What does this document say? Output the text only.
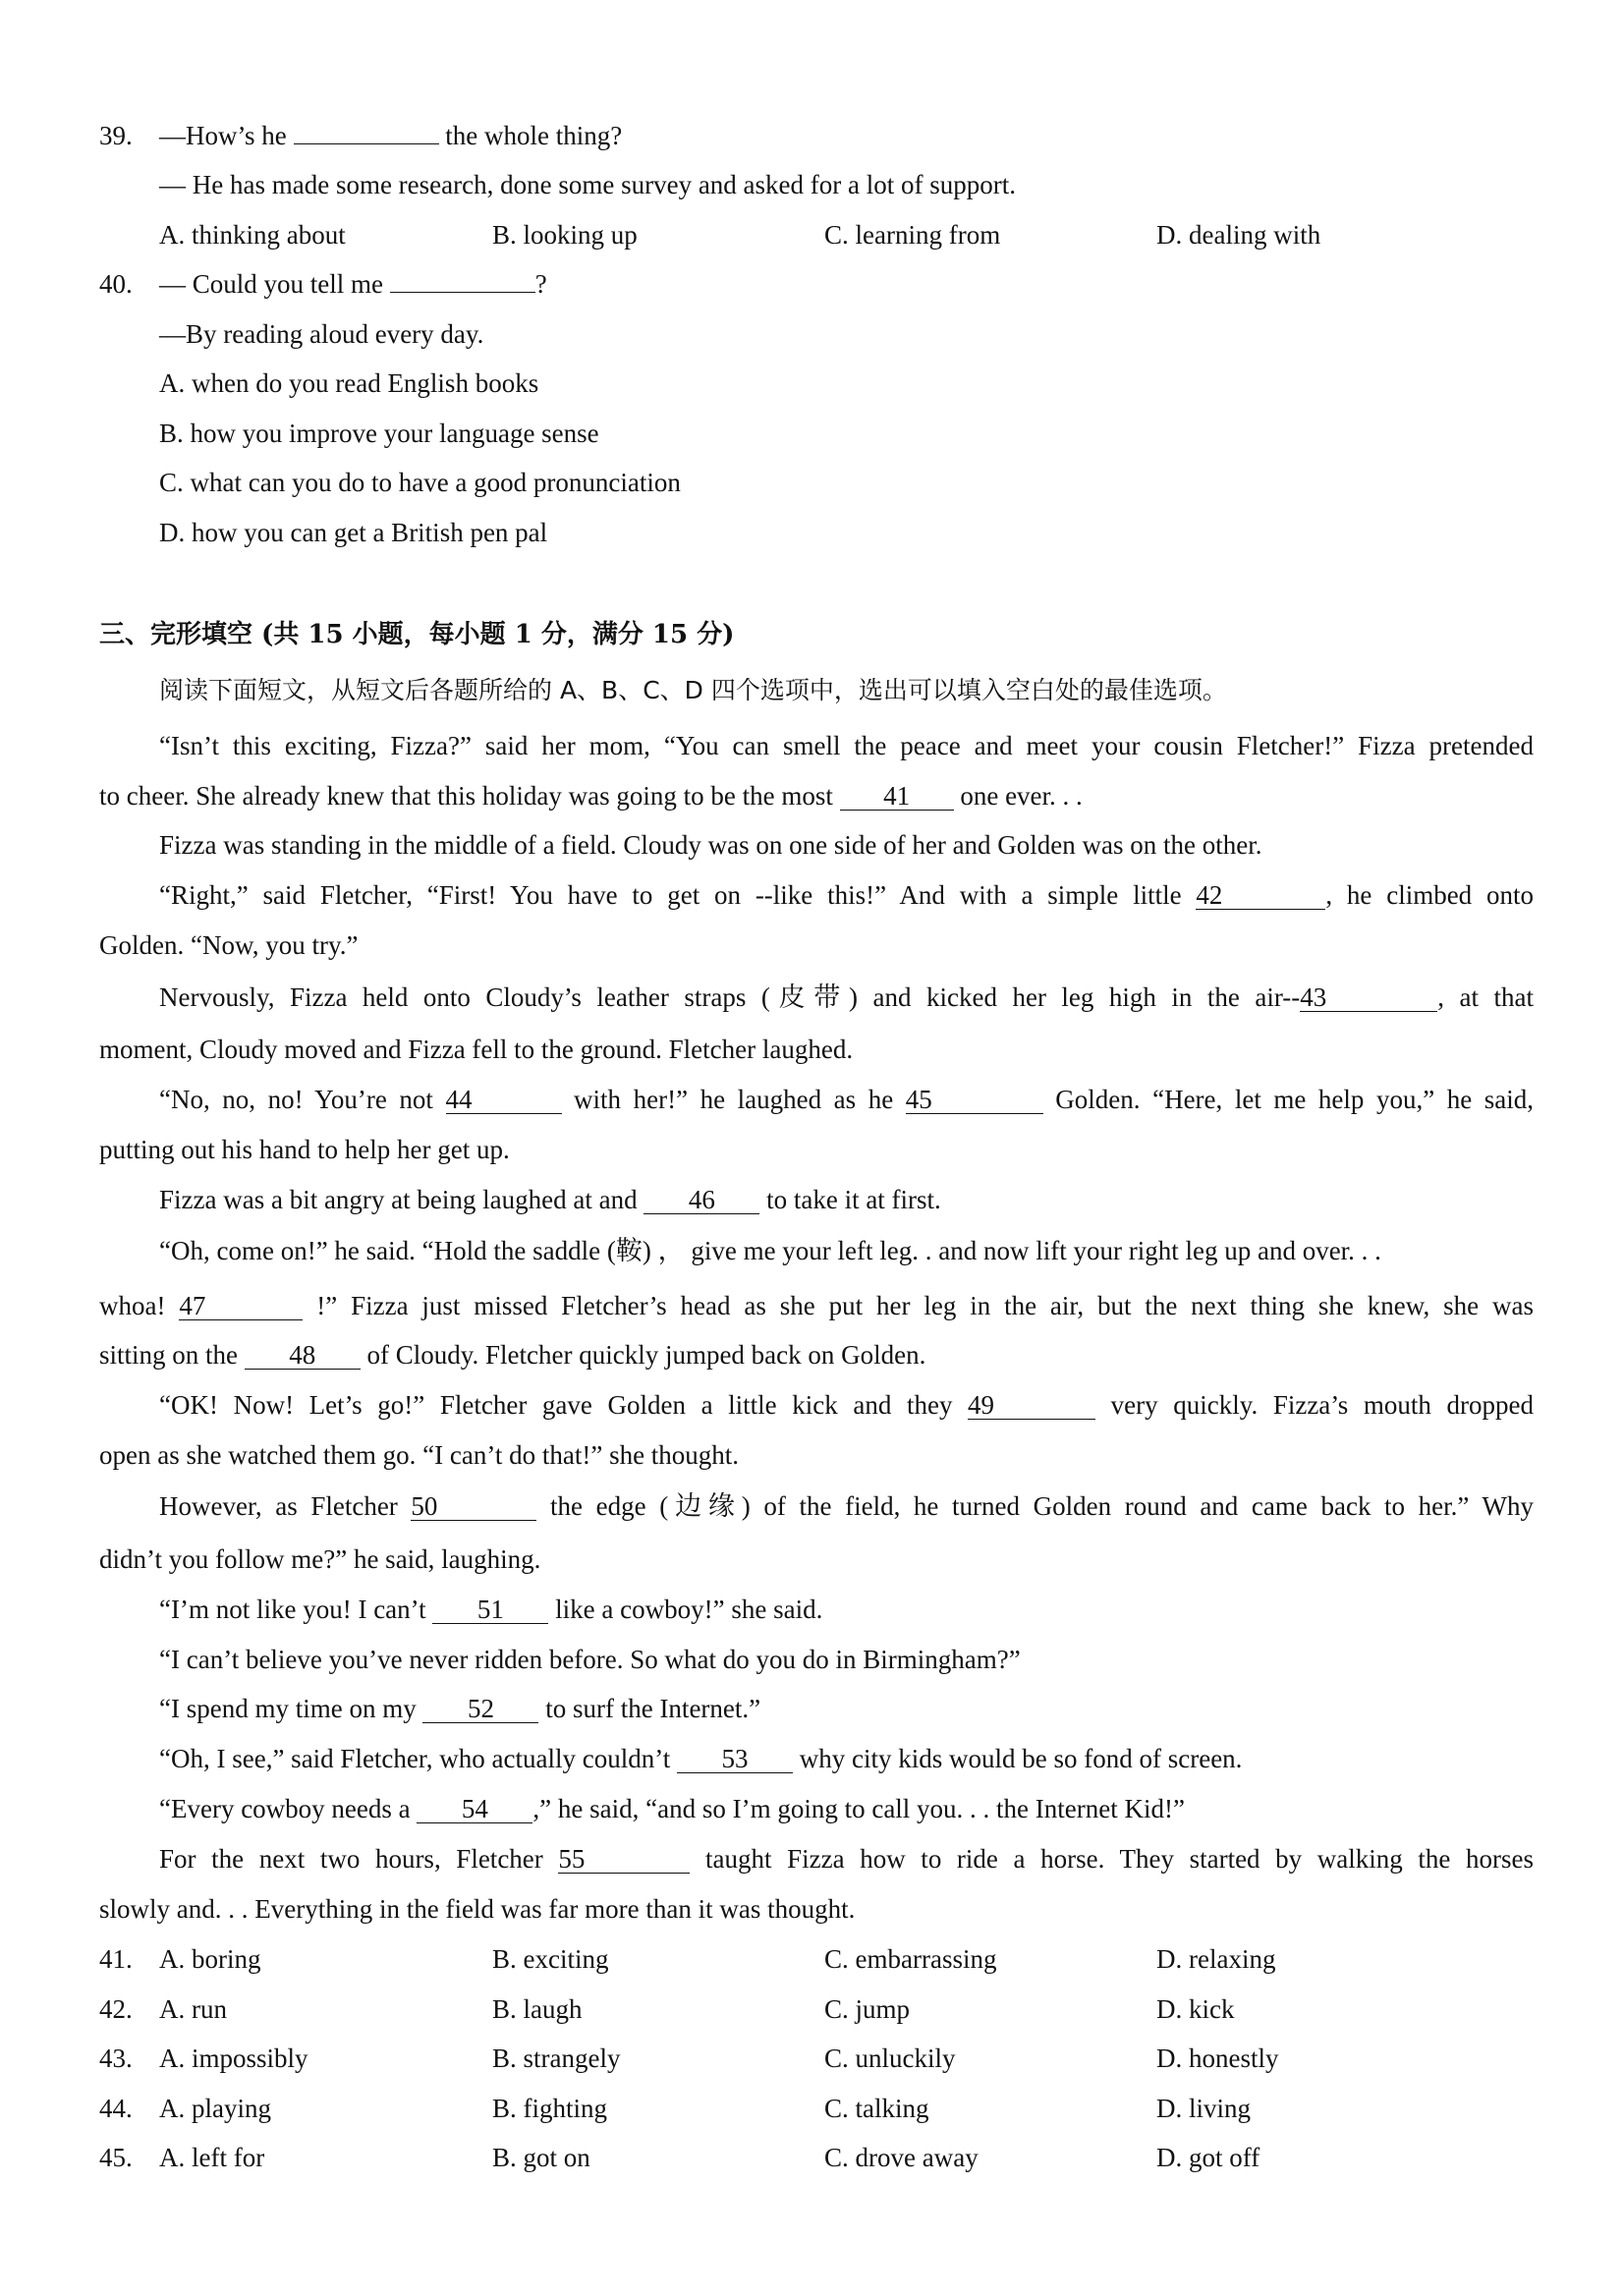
39. —How’s he	the whole thing?
— He has made some research, done some survey and asked for a lot of support.
A. thinking about	B. looking up	C. learning from	D. dealing with
40. — Could you tell me	?
—By reading aloud every day.
A. when do you read English books
B. how you improve your language sense
C. what can you do to have a good pronunciation
D. how you can get a British pen pal
三、完形填空 (共 15 小题，每小题 1 分，满分 15 分)
阅读下面短文，从短文后各题所给的 A、B、C、D 四个选项中，选出可以填入空白处的最佳选项。
“Isn’t this exciting, Fizza?” said her mom, “You can smell the peace and meet your cousin Fletcher!” Fizza pretended
to cheer. She already knew that this holiday was going to be the most 41 one ever. . .
Fizza was standing in the middle of a field. Cloudy was on one side of her and Golden was on the other.
“Right,” said Fletcher, “First! You have to get on --like this!” And with a simple little 42	, he climbed onto
Golden. “Now, you try.”
Nervously, Fizza held onto Cloudy’s leather straps (皮带) and kicked her leg high in the air--43	, at that
moment, Cloudy moved and Fizza fell to the ground. Fletcher laughed.
“No, no, no! You’re not 44	with her!” he laughed as he 45	Golden. “Here, let me help you,” he said,
putting out his hand to help her get up.
Fizza was a bit angry at being laughed at and 46 to take it at first.
“Oh, come on!” he said. “Hold the saddle (鞍) ， give me your left leg. . and now lift your right leg up and over. . .
whoa! 47	!” Fizza just missed Fletcher’s head as she put her leg in the air, but the next thing she knew, she was
sitting on the 48 of Cloudy. Fletcher quickly jumped back on Golden.
“OK! Now! Let’s go!” Fletcher gave Golden a little kick and they 49	very quickly. Fizza’s mouth dropped
open as she watched them go. “I can’t do that!” she thought.
However, as Fletcher 50	the edge (边缘) of the field, he turned Golden round and came back to her.” Why
didn’t you follow me?” he said, laughing.
“I’m not like you! I can’t 51 like a cowboy!” she said.
“I can’t believe you’ve never ridden before. So what do you do in Birmingham?”
“I spend my time on my 52 to surf the Internet.”
“Oh, I see,” said Fletcher, who actually couldn’t 53 why city kids would be so fond of screen.
“Every cowboy needs a 54 ,” he said, “and so I’m going to call you. . . the Internet Kid!”
For the next two hours, Fletcher 55	taught Fizza how to ride a horse. They started by walking the horses
slowly and. . . Everything in the field was far more than it was thought.
41. A. boring	B. exciting	C. embarrassing	D. relaxing
42. A. run	B. laugh	C. jump	D. kick
43. A. impossibly	B. strangely	C. unluckily	D. honestly
44. A. playing	B. fighting	C. talking	D. living
45. A. left for	B. got on	C. drove away	D. got off
